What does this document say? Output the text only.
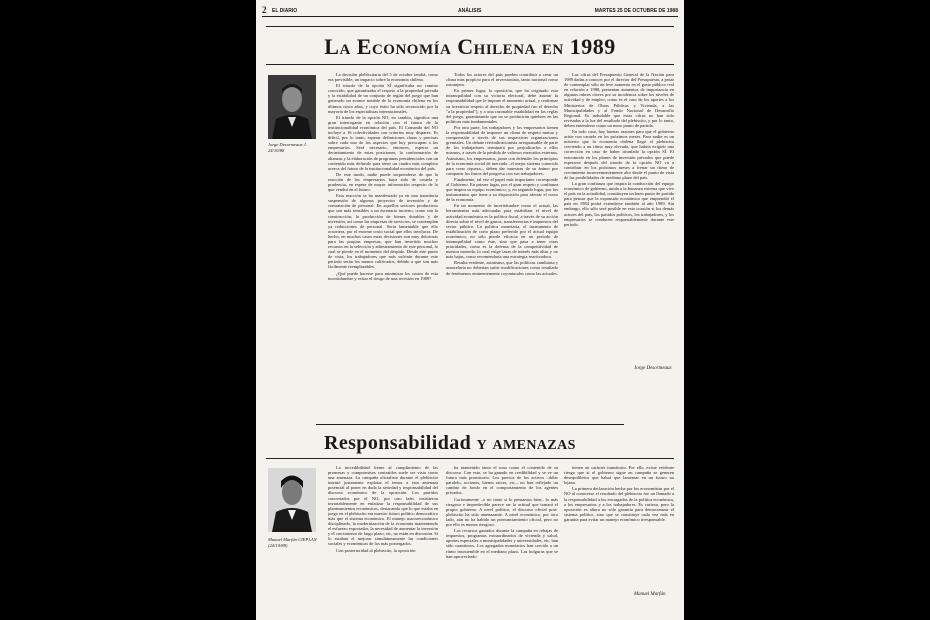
2 EL DIARIO	ANÁLISIS	MARTES 25 DE OCTUBRE DE 1988
La Economía Chilena en 1989
Jorge Desormeaux J. 24/10/88

La decisión plebiscitaria del 5 de octubre tendrá, como era previsible, un impacto sobre la economía chilena.

El triunfo de la opción SÍ significaba un camino conocido, que garantizaba el respeto a la propiedad privada y la estabilidad de un conjunto de reglas del juego que han generado un avance notable de la economía chilena en los últimos cinco años, y cuyo éxito ha sido reconocido por la mayoría de los especialistas internacionales.

El triunfo de la opción NO, en cambio, significa una gran interrogante en relación con el futuro de la institucionalidad económica del país. El Comando del NO incluye a 16 colectividades con criterios muy dispares. Es difícil, por lo tanto, esperar definiciones claras y precisas sobre cada uno de los aspectos que hoy preocupan a los empresarios. Será necesario, entonces, esperar un decantamiento de estas posiciones, la conformación de alianzas y la elaboración de programas presidenciales con un contenido más definido para tener un cuadro más completo acerca del futuro de la institucionalidad económica del país.

De este modo, nadie puede sorprenderse de que la reacción de los empresarios haya sido de cautela y prudencia, en espera de mayor información respecto de lo que vendrá en el futuro.

Esta reacción se ha manifestado ya en una transitoria suspensión de algunos proyectos de inversión y de contratación de personal. En aquellos sectores productivos que son más sensibles a un escenario incierto, como son la construcción, la producción de bienes durables y de inversión, así como las empresas de servicios, se contemplan ya reducciones de personal. Sería lamentable que ello ocurriera, por el enorme costo social que ellos involucra. De hecho, en muchos casos estas decisiones son muy dolorosas para las propias empresas, que han invertido muchos recursos en la selección y adiestramiento de este personal, lo cual se pierde en el momento del despido. Desde este punto de vista, los trabajadores que más sufrirán durante este período serán los menos calificados, debido a que son más fácilmente reemplazables.

¿Qué puede hacerse para minimizar los costos de esta incertidumbre y evitar el riesgo de una recesión en 1989?

Todos los actores del país pueden contribuir a crear un clima más propicio para el inversionista, tanto nacional como extranjero.

En primer lugar, la oposición, que ha originado esta intranquilidad con su victoria electoral, debe asumir la responsabilidad que le impone el momento actual, y reafirmar su irrestricto respeto al derecho de propiedad (no el derecho "a la propiedad"), y a una razonable estabilidad en las reglas del juego, garantizando que no se producirán quiebres en las políticas más fundamentales.

Por otra parte, los trabajadores y los empresarios tienen la responsabilidad de imponer un clima de respeto mutuo y comprensión a través de sus respectivas organizaciones gremiales. Un debate reivindicacionista irresponsable de parte de los trabajadores terminará por perjudicarlos a ellos mismos, a través de la pérdida de valiosos mercados externos. Asimismo, los empresarios, junto con defender los principios de la economía social de mercado –el mejor sistema conocido para crear riqueza–, deben dar muestras de su ánimo por compartir los frutos del progreso con sus trabajadores.

Finalmente, tal vez el papel más importante corresponde al Gobierno. En primer lugar, por el gran respeto y confianza que inspira su equipo económico; y, en segundo lugar, por los instrumentos que tiene a su disposición para afectar el curso de la economía.

En un momento de incertidumbre como el actual, las herramientas más adecuadas para estabilizar el nivel de actividad económica es la política fiscal, a través de su acción directa sobre el nivel de gastos, transferencias e impuestos del sector público. La política monetaria, el instrumento de estabilización de corto plazo preferido por el actual equipo económico, no sólo pierde eficacia en un período de intranquilidad como éste, sino que pasa a tener otras prioridades, como es la defensa de la competitividad de nuestra moneda, lo cual exige tasas de interés más altas y no más bajas, como recomendaría una estrategia reactivadora.

Resulta evidente, asimismo, que las políticas cambiaria y arancelaria no deberían sufrir modificaciones como resultado de fenómenos eminentemente coyunturales como las actuales.

Las cifras del Presupuesto General de la Nación para 1989 dadas a conocer por el director del Presupuesto, a pesar de contemplar sólo un leve aumento en el gasto público real en relación a 1988, presentan aumentos de importancia en algunos rubros claves por su incidencia sobre los niveles de actividad y de empleo, como es el caso de los aportes a los Ministerios de Obras Públicas y Vivienda, a las Municipalidades y al Fondo Nacional de Desarrollo Regional. Es indudable que estas cifras no han sido revisadas a la luz del resultado del plebiscito, y por lo tanto, deben entenderse como un mero punto de partida.

En todo caso, hay buenas razones para que el gobierno actúe con cautela en los próximos meses. Para nadie es un misterio que la economía chilena llegó al plebiscito creciendo a un ritmo muy elevado, que habría exigido una corrección en caso de haber triunfado la opción SÍ. El reacomodo en los planes de inversión privados que puede esperarse después del triunfo de la opción NO va a contribuir en los próximos meses a frenar un ritmo de crecimiento inconvenientemente alto desde el punto de vista de las posibilidades de mediano plazo del país.

La gran confianza que inspira la conducción del equipo económico de gobierno, unida a la bonanza externa que vive el país en la actualidad, constituyen un buen punto de partida para pensar que la expansión económica que emprendió el país en 1984 podrá extenderse también al año 1989. Sin embargo, ello sólo será posible en esta ocasión si los demás actores del país, los partidos políticos, los trabajadores, y los empresarios se conducen responsablemente durante este período.

Jorge Desormeaux
Responsabilidad y amenazas
Manuel Marfán CIEPLAN (24/10/88)

La incredibilidad frente al cumplimiento de las promesas y compromisos contraídos suele ser vista como una amenaza. La campaña oficialista durante el plebiscito intentó justamente explotar el temor a esta amenaza potencial al poner en duda la seriedad y responsabilidad del discurso económico de la oposición. Los partidos concertados por el NO, por otro lado, insistieron invariablemente en enfatizar la responsabilidad de sus planteamientos económicos, destacando que lo que estaba en juego en el plebiscito era nuestro futuro político democrático más que el sistema económico. El manejo macroeconómico disciplinado, la modernización de la economía manteniendo el esfuerzo exportador, la necesidad de aumentar la inversión y el crecimiento de largo plazo, etc, no están en discusión. Sí lo estaban el mejorar simultáneamente las condiciones sociales y económicas de los más postergados.

Con posterioridad al plebiscito, la oposición

ha mantenido tanto el tono como el contenido de su discurso. Con esto, se ha ganado en credibilidad y se ve un futuro más promisorio. Los precios de los activos –dólar paralelo, acciones, bienes raíces, etc.– no han reflejado un cambio de fondo en el comportamiento de los agentes privados.

Curiosamente –o no tanto si lo pensamos bien– lo más riesgoso e impredecible parece ser la actitud que tomará el propio gobierno. A nivel político, el discurso oficial post-plebiscito ha sido amenazante. A nivel económico, por otro lado, aún no ha habido un pronunciamiento oficial, pero no por ello es menos riesgoso.

Los recursos gastados durante la campaña en rebajas de impuestos, programas extraordinarios de vivienda y salud, aportes especiales a municipalidades y universidades, etc. han sido cuantiosos. Los agregados monetarios han crecido a un ritmo insostenible en el mediano plazo. Las holguras que se han aprovechado

tienen un carácter transitorio. Por ello, existe evidente riesgo que si el gobierno sigue en campaña se generen desequilibrios que habrá que lamentar en un futuro no lejano.

La primera declaración hecha por los economistas por el NO al conocerse el resultado del plebiscito fue un llamado a la responsabilidad a los encargados de la política económica, a los empresarios y a los trabajadores. Es curioso, pero la oposición es ahora no sólo garantía para democratizar el sistema político, sino que se constituye cada vez más en garantía para evitar un manejo económico irresponsable.

Manuel Marfán
